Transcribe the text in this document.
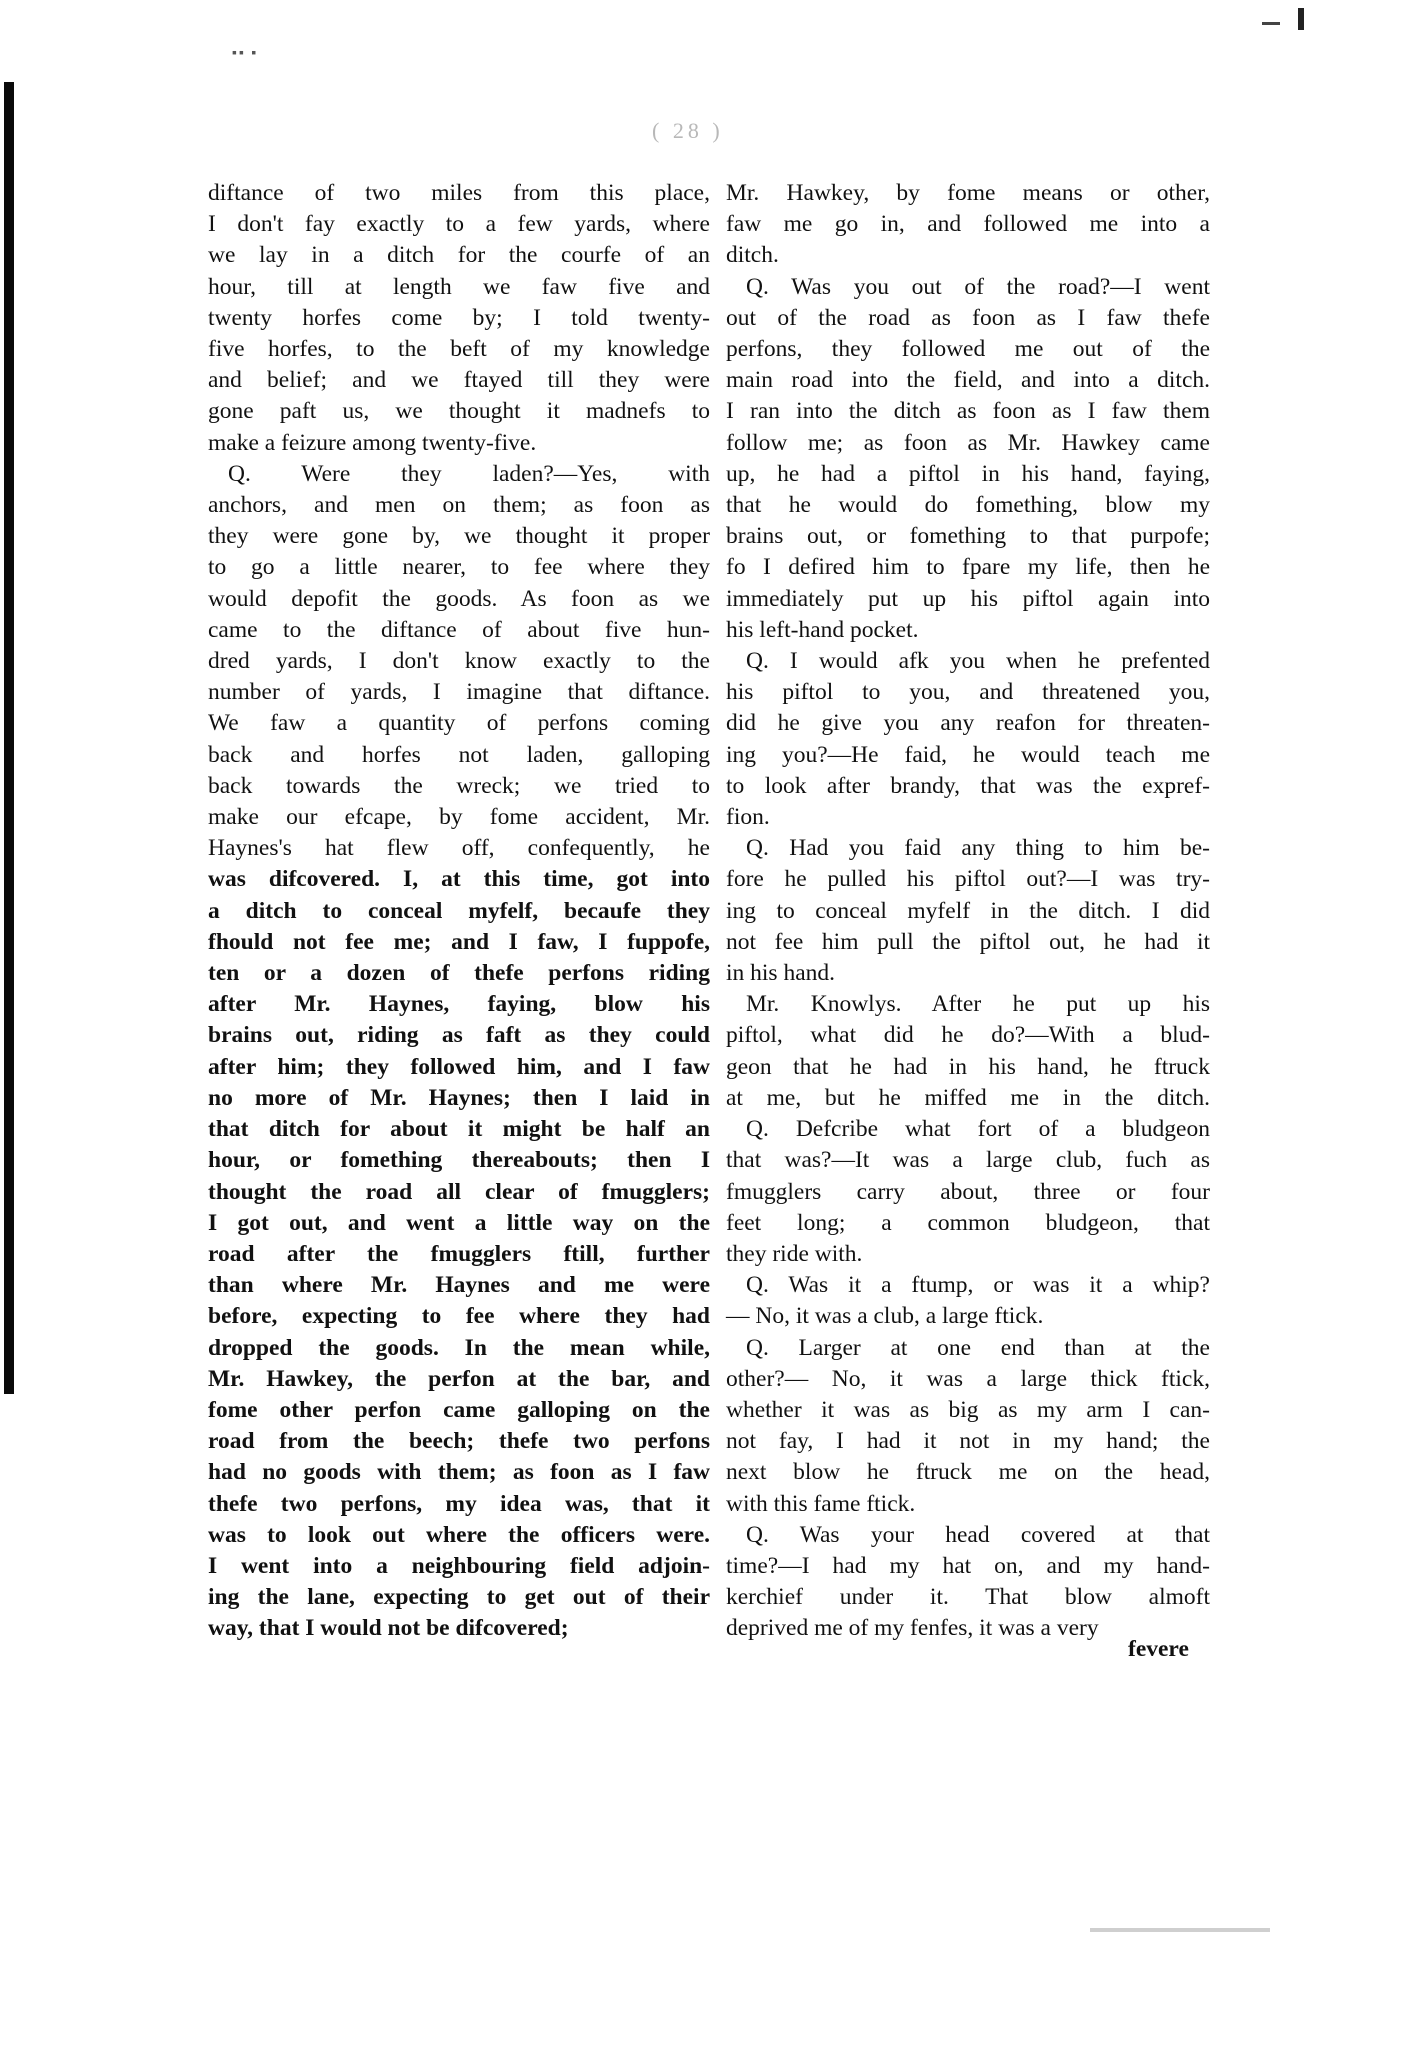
▪▪ ▪
( 28 )
diftance of two miles from this place,
I don't fay exactly to a few yards, where
we lay in a ditch for the courfe of an
hour, till at length we faw five and
twenty horfes come by; I told twenty-
five horfes, to the beft of my knowledge
and belief; and we ftayed till they were
gone paft us, we thought it madnefs to
make a feizure among twenty-five.
Q. Were they laden?—Yes, with
anchors, and men on them; as foon as
they were gone by, we thought it proper
to go a little nearer, to fee where they
would depofit the goods. As foon as we
came to the diftance of about five hun-
dred yards, I don't know exactly to the
number of yards, I imagine that diftance.
We faw a quantity of perfons coming
back and horfes not laden, galloping
back towards the wreck; we tried to
make our efcape, by fome accident, Mr.
Haynes's hat flew off, confequently, he
was difcovered. I, at this time, got into
a ditch to conceal myfelf, becaufe they
fhould not fee me; and I faw, I fuppofe,
ten or a dozen of thefe perfons riding
after Mr. Haynes, faying, blow his
brains out, riding as faft as they could
after him; they followed him, and I faw
no more of Mr. Haynes; then I laid in
that ditch for about it might be half an
hour, or fomething thereabouts; then I
thought the road all clear of fmugglers;
I got out, and went a little way on the
road after the fmugglers ftill, further
than where Mr. Haynes and me were
before, expecting to fee where they had
dropped the goods. In the mean while,
Mr. Hawkey, the perfon at the bar, and
fome other perfon came galloping on the
road from the beech; thefe two perfons
had no goods with them; as foon as I faw
thefe two perfons, my idea was, that it
was to look out where the officers were.
I went into a neighbouring field adjoin-
ing the lane, expecting to get out of their
way, that I would not be difcovered;
Mr. Hawkey, by fome means or other,
faw me go in, and followed me into a
ditch.
Q. Was you out of the road?—I went
out of the road as foon as I faw thefe
perfons, they followed me out of the
main road into the field, and into a ditch.
I ran into the ditch as foon as I faw them
follow me; as foon as Mr. Hawkey came
up, he had a piftol in his hand, faying,
that he would do fomething, blow my
brains out, or fomething to that purpofe;
fo I defired him to fpare my life, then he
immediately put up his piftol again into
his left-hand pocket.
Q. I would afk you when he prefented
his piftol to you, and threatened you,
did he give you any reafon for threaten-
ing you?—He faid, he would teach me
to look after brandy, that was the expref-
fion.
Q. Had you faid any thing to him be-
fore he pulled his piftol out?—I was try-
ing to conceal myfelf in the ditch. I did
not fee him pull the piftol out, he had it
in his hand.
Mr. Knowlys. After he put up his
piftol, what did he do?—With a blud-
geon that he had in his hand, he ftruck
at me, but he miffed me in the ditch.
Q. Defcribe what fort of a bludgeon
that was?—It was a large club, fuch as
fmugglers carry about, three or four
feet long; a common bludgeon, that
they ride with.
Q. Was it a ftump, or was it a whip?
— No, it was a club, a large ftick.
Q. Larger at one end than at the
other?— No, it was a large thick ftick,
whether it was as big as my arm I can-
not fay, I had it not in my hand; the
next blow he ftruck me on the head,
with this fame ftick.
Q. Was your head covered at that
time?—I had my hat on, and my hand-
kerchief under it. That blow almoft
deprived me of my fenfes, it was a very
fevere
